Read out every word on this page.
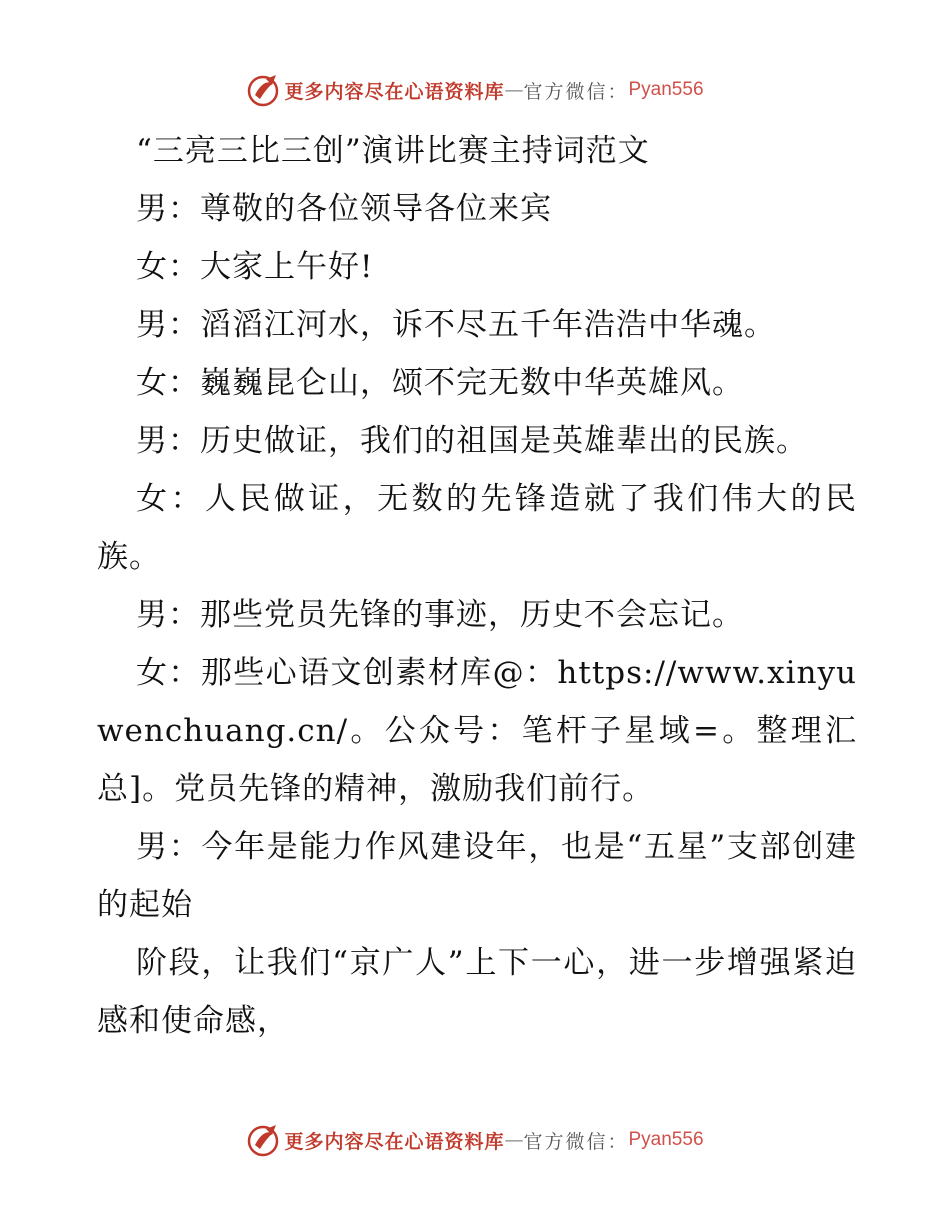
更多内容尽在心语资料库 — 官方微信： Pyan556

“三亮三比三创”演讲比赛主持词范文

男：尊敬的各位领导各位来宾

女：大家上午好!

男：滔滔江河水，诉不尽五千年浩浩中华魂。

女：巍巍昆仑山，颂不完无数中华英雄风。

男：历史做证，我们的祖国是英雄辈出的民族。

女：人民做证，无数的先锋造就了我们伟大的民族。

男：那些党员先锋的事迹，历史不会忘记。

女：那些心语文创素材库@：https://www.xinyuwenchuang.cn/。公众号：笔杆子星域=。整理汇总]。党员先锋的精神，激励我们前行。

男：今年是能力作风建设年，也是“五星”支部创建的起始

阶段，让我们“京广人”上下一心，进一步增强紧迫感和使命感，

更多内容尽在心语资料库 — 官方微信： Pyan556
